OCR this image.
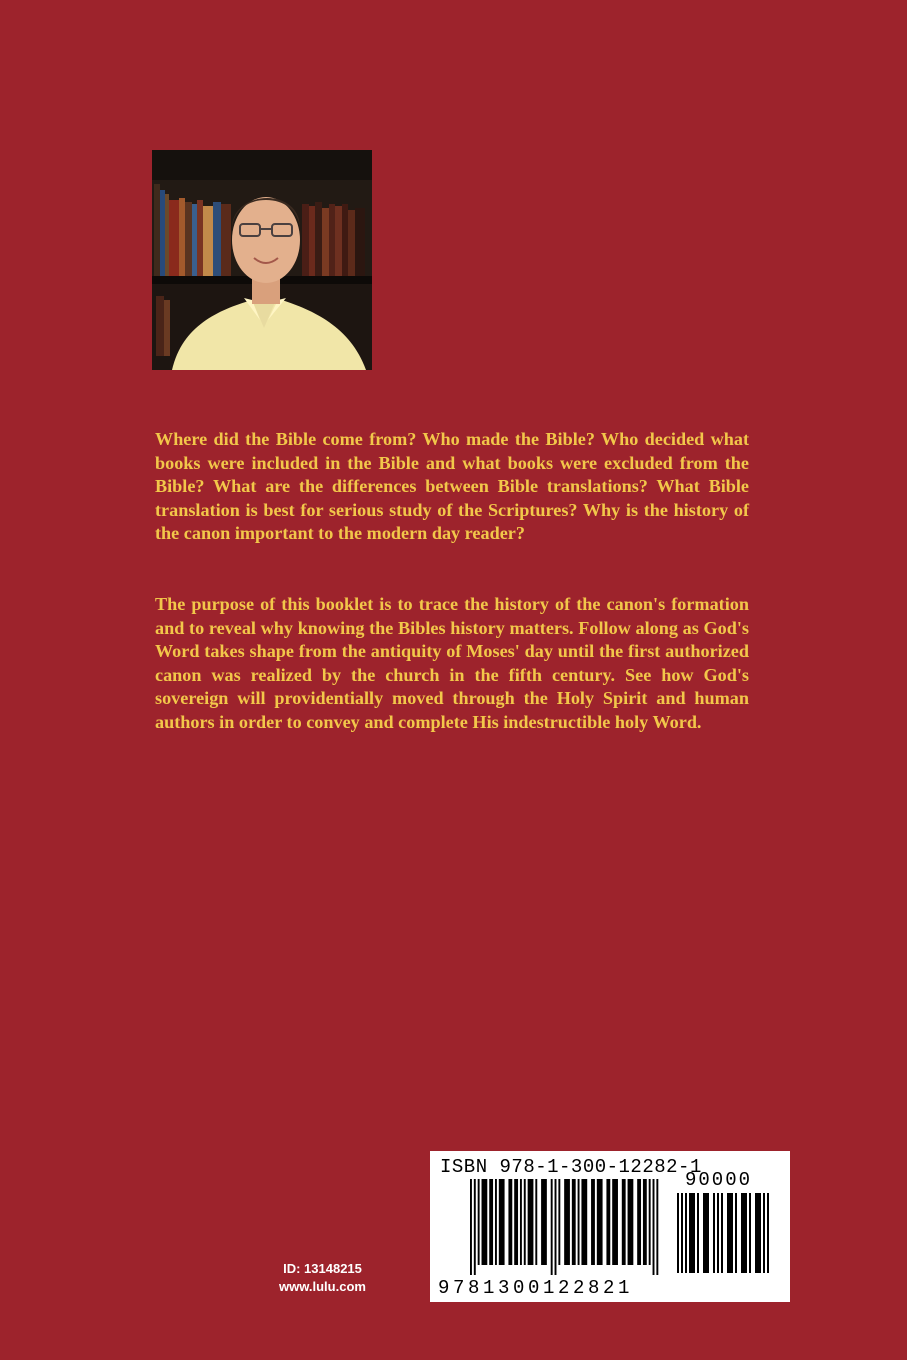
Where did the Bible come from? Who made the Bible? Who decided what books were included in the Bible and what books were excluded from the Bible? What are the differences between Bible translations? What Bible translation is best for serious study of the Scriptures? Why is the history of the canon important to the modern day reader?

The purpose of this booklet is to trace the history of the canon's formation and to reveal why knowing the Bibles history matters. Follow along as God's Word takes shape from the antiquity of Moses' day until the first authorized canon was realized by the church in the fifth century. See how God's sovereign will providentially moved through the Holy Spirit and human authors in order to convey and complete His indestructible holy Word.

ID: 13148215
www.lulu.com
ISBN 978-1-300-12282-1
90000
9781300122821
